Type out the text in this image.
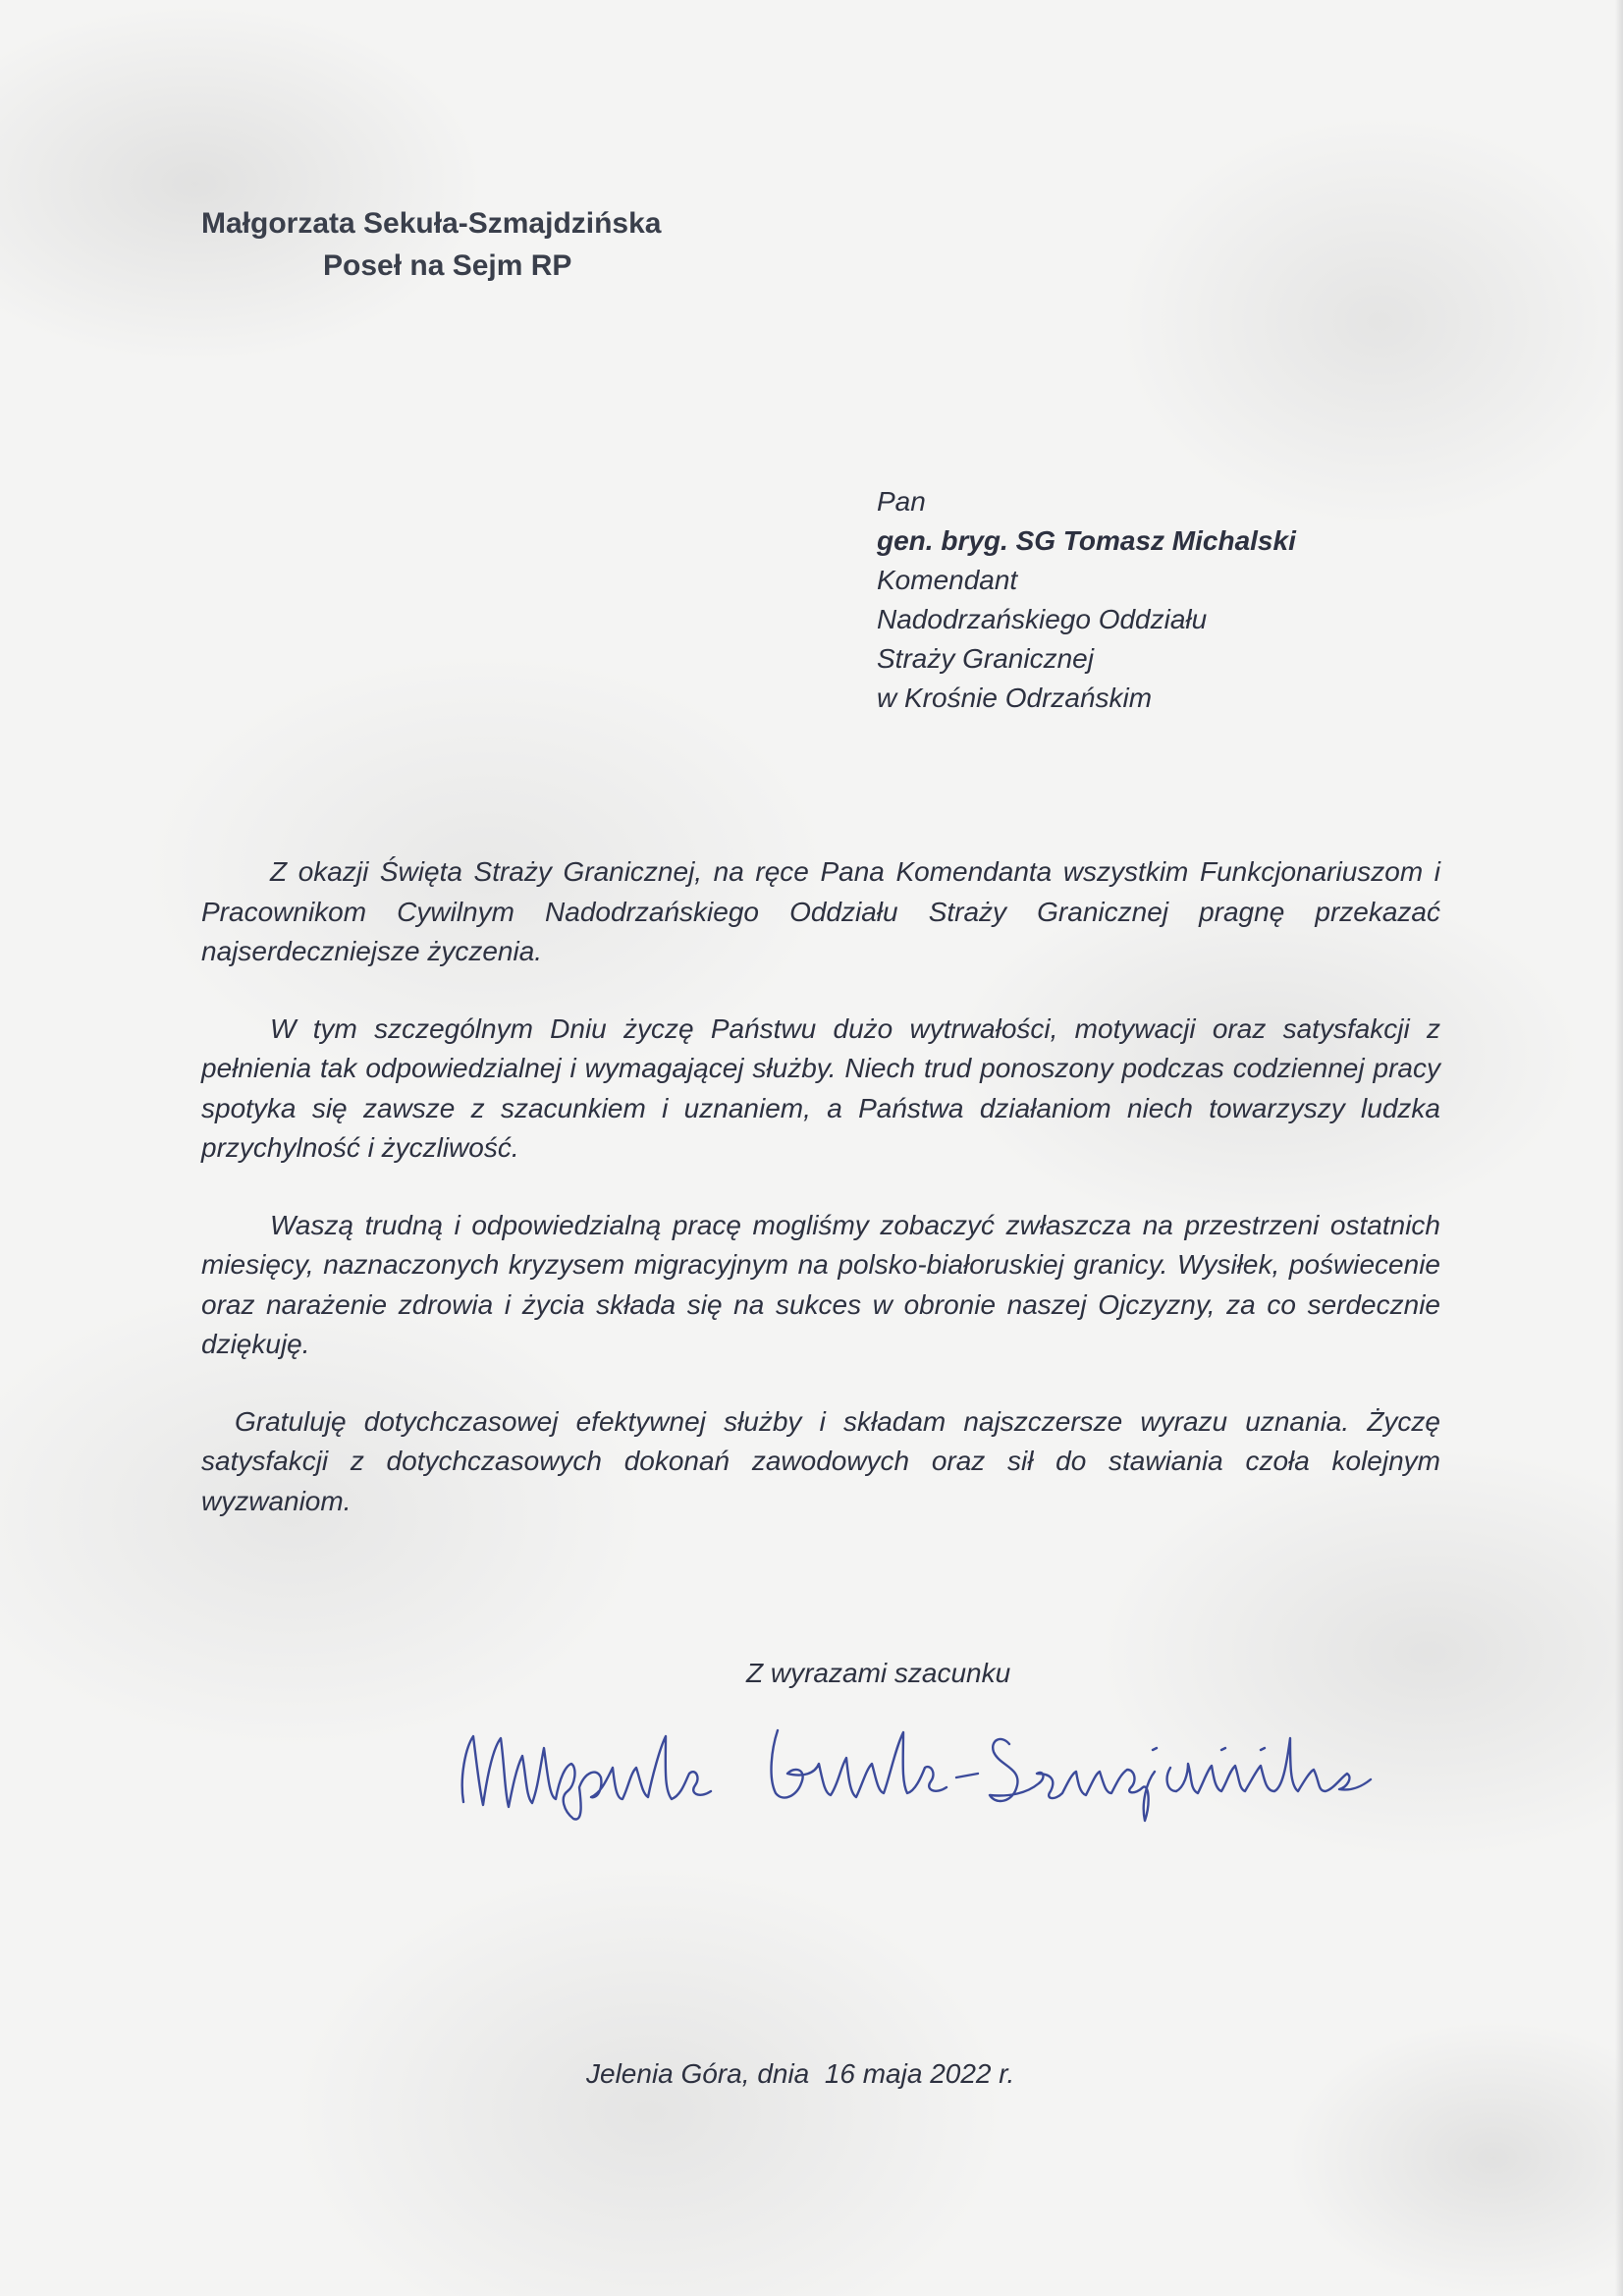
Małgorzata Sekuła-Szmajdzińska
Poseł na Sejm RP
Pan
gen. bryg. SG Tomasz Michalski
Komendant
Nadodrzańskiego Oddziału
Straży Granicznej
w Krośnie Odrzańskim

Z okazji Święta Straży Granicznej, na ręce Pana Komendanta wszystkim Funkcjonariuszom i Pracownikom Cywilnym Nadodrzańskiego Oddziału Straży Granicznej pragnę przekazać najserdeczniejsze życzenia.

W tym szczególnym Dniu życzę Państwu dużo wytrwałości, motywacji oraz satysfakcji z pełnienia tak odpowiedzialnej i wymagającej służby. Niech trud ponoszony podczas codziennej pracy spotyka się zawsze z szacunkiem i uznaniem, a Państwa działaniom niech towarzyszy ludzka przychylność i życzliwość.

Waszą trudną i odpowiedzialną pracę mogliśmy zobaczyć zwłaszcza na przestrzeni ostatnich miesięcy, naznaczonych kryzysem migracyjnym na polsko-białoruskiej granicy. Wysiłek, poświecenie oraz narażenie zdrowia i życia składa się na sukces w obronie naszej Ojczyzny, za co serdecznie dziękuję.

Gratuluję dotychczasowej efektywnej służby i składam najszczersze wyrazu uznania. Życzę satysfakcji z dotychczasowych dokonań zawodowych oraz sił do stawiania czoła kolejnym wyzwaniom.

Z wyrazami szacunku
Jelenia Góra, dnia  16 maja 2022 r.
